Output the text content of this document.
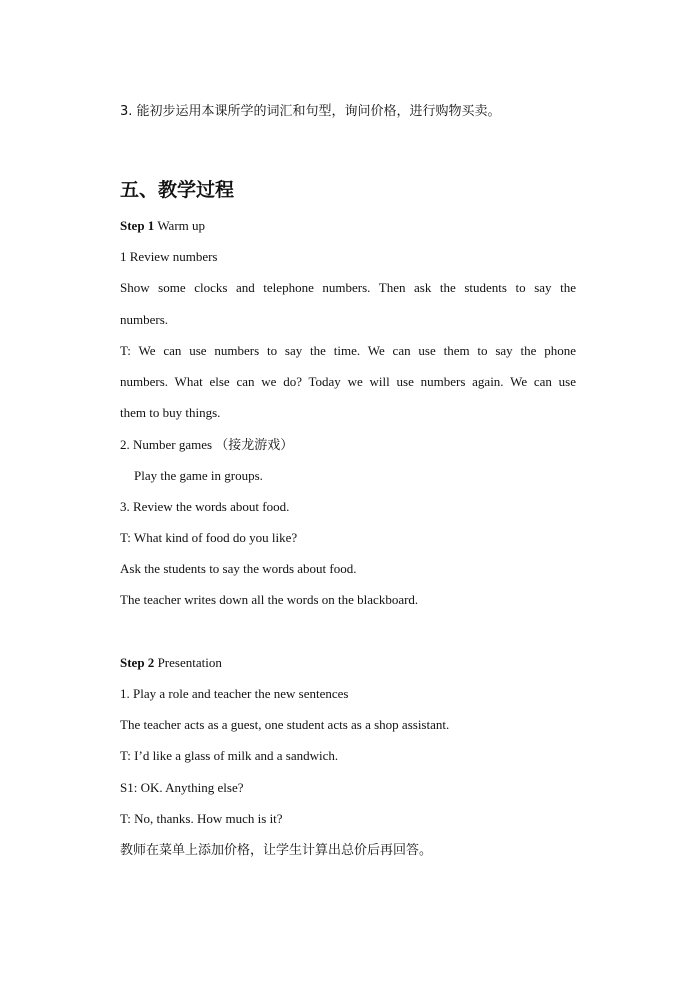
3. 能初步运用本课所学的词汇和句型，询问价格，进行购物买卖。
五、教学过程
Step 1 Warm up
1 Review numbers
Show some clocks and telephone numbers. Then ask the students to say the
numbers.
T: We can use numbers to say the time. We can use them to say the phone
numbers. What else can we do? Today we will use numbers again. We can use
them to buy things.
2. Number games （接龙游戏）
Play the game in groups.
3. Review the words about food.
T: What kind of food do you like?
Ask the students to say the words about food.
The teacher writes down all the words on the blackboard.
Step 2 Presentation
1. Play a role and teacher the new sentences
The teacher acts as a guest, one student acts as a shop assistant.
T: I’d like a glass of milk and a sandwich.
S1: OK. Anything else?
T: No, thanks. How much is it?
教师在菜单上添加价格，让学生计算出总价后再回答。
